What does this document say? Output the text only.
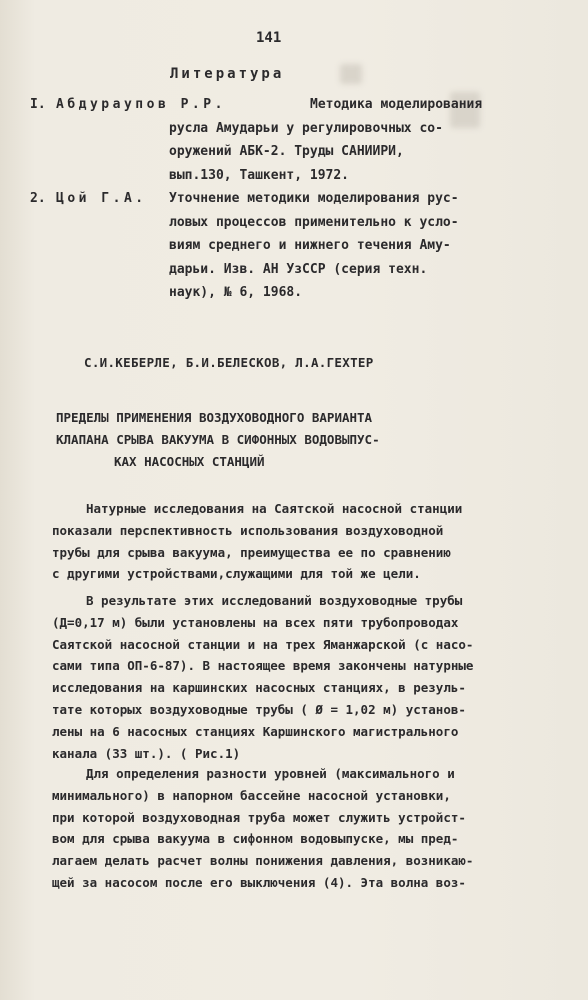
141
Литература
I. Абдураупов Р.Р.	Методика моделирования
русла Амударьи у регулировочных со-
оружений АБК-2. Труды САНИИРИ,
вып.130, Ташкент, 1972.
2. Цой Г.А. Уточнение методики моделирования рус-
ловых процессов применительно к усло-
виям среднего и нижнего течения Аму-
дарьи. Изв. АН УзССР (серия техн.
наук), № 6, 1968.
С.И.КЕБЕРЛЕ, Б.И.БЕЛЕСКОВ, Л.А.ГЕХТЕР
ПРЕДЕЛЫ ПРИМЕНЕНИЯ ВОЗДУХОВОДНОГО ВАРИАНТА
КЛАПАНА СРЫВА ВАКУУМА В СИФОННЫХ ВОДОВЫПУС-
КАХ НАСОСНЫХ СТАНЦИЙ
Натурные исследования на Саятской насосной станции
показали перспективность использования воздуховодной
трубы для срыва вакуума, преимущества ее по сравнению
с другими устройствами,служащими для той же цели.
В результате этих исследований воздуховодные трубы
(Д=0,17 м) были установлены на всех пяти трубопроводах
Саятской насосной станции и на трех Яманжарской (с насо-
сами типа ОП-6-87). В настоящее время закончены натурные
исследования на каршинских насосных станциях, в резуль-
тате которых воздуховодные трубы ( Ø = 1,02 м) установ-
лены на 6 насосных станциях Каршинского магистрального
канала (33 шт.). ( Рис.1)
Для определения разности уровней (максимального и
минимального) в напорном бассейне насосной установки,
при которой воздуховодная труба может служить устройст-
вом для срыва вакуума в сифонном водовыпуске, мы пред-
лагаем делать расчет волны понижения давления, возникаю-
щей за насосом после его выключения (4). Эта волна воз-
